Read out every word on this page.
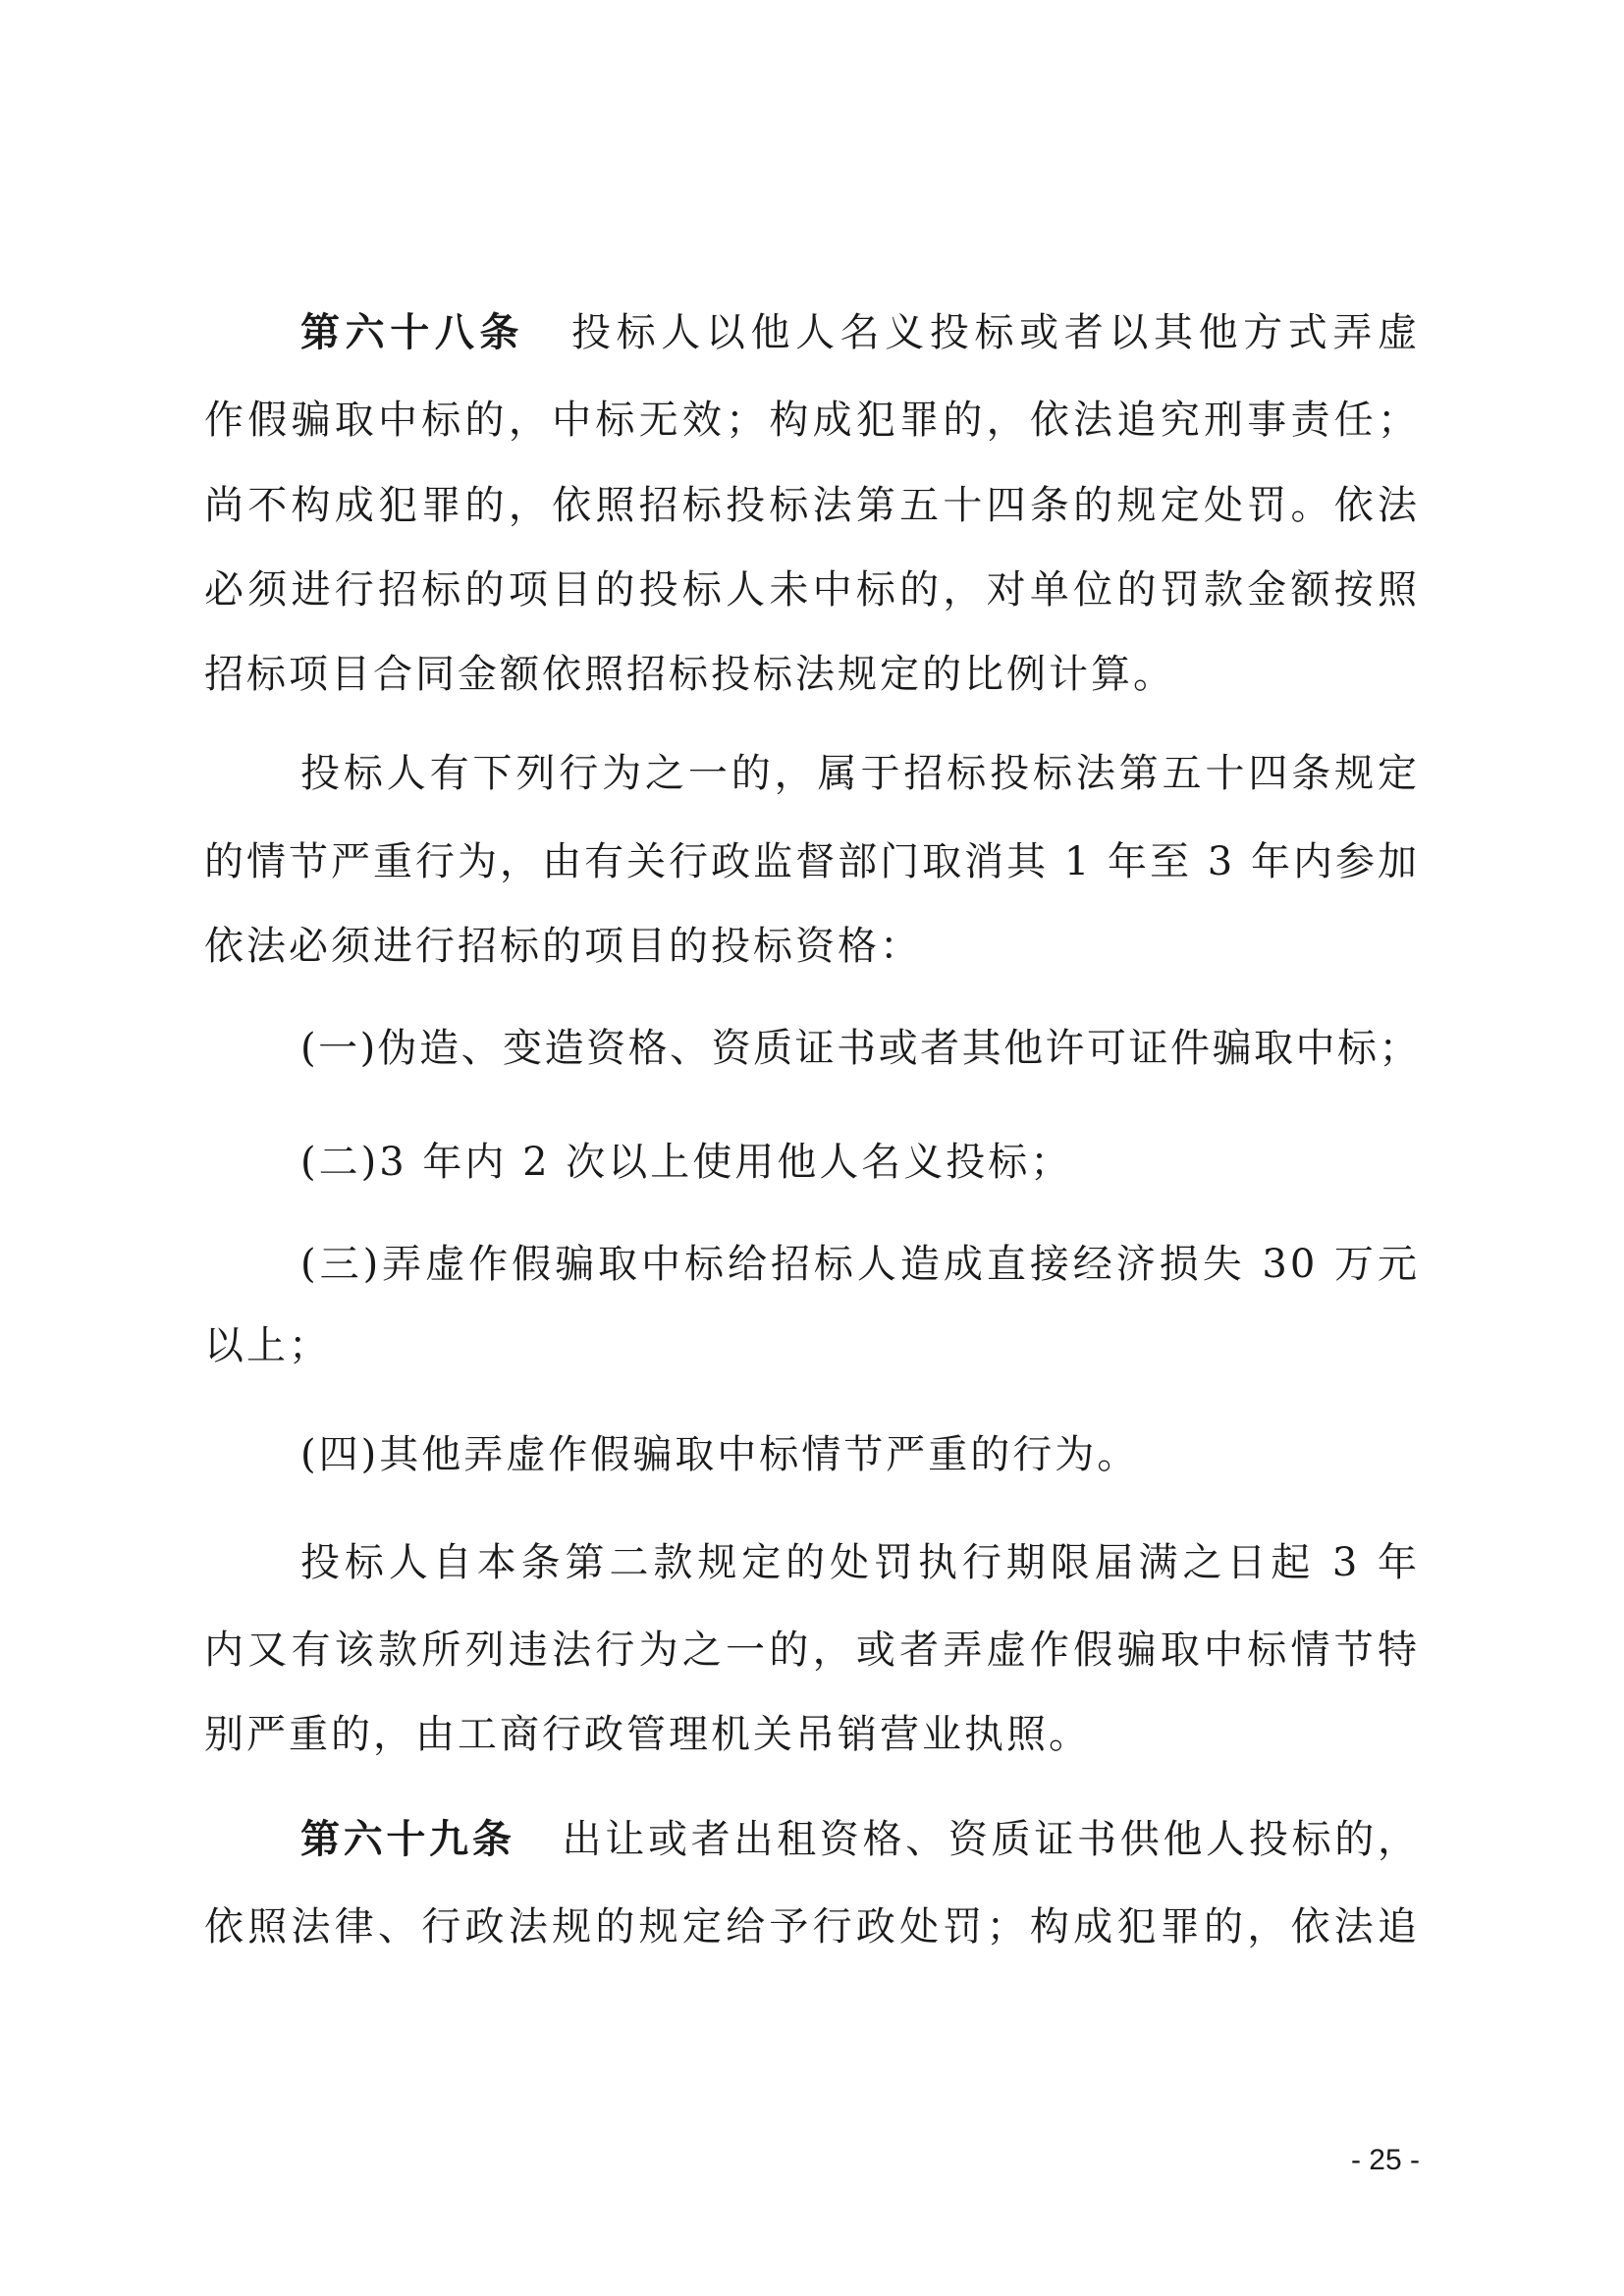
第六十八条 投标人以他人名义投标或者以其他方式弄虚
作假骗取中标的，中标无效；构成犯罪的，依法追究刑事责任；
尚不构成犯罪的，依照招标投标法第五十四条的规定处罚。依法
必须进行招标的项目的投标人未中标的，对单位的罚款金额按照
招标项目合同金额依照招标投标法规定的比例计算。
投标人有下列行为之一的，属于招标投标法第五十四条规定
的情节严重行为，由有关行政监督部门取消其 1 年至 3 年内参加
依法必须进行招标的项目的投标资格：
(一)伪造、变造资格、资质证书或者其他许可证件骗取中标；
(二)3 年内 2 次以上使用他人名义投标；
(三)弄虚作假骗取中标给招标人造成直接经济损失 30 万元
以上；
(四)其他弄虚作假骗取中标情节严重的行为。
投标人自本条第二款规定的处罚执行期限届满之日起 3 年
内又有该款所列违法行为之一的，或者弄虚作假骗取中标情节特
别严重的，由工商行政管理机关吊销营业执照。
第六十九条 出让或者出租资格、资质证书供他人投标的，
依照法律、行政法规的规定给予行政处罚；构成犯罪的，依法追
- 25 -
